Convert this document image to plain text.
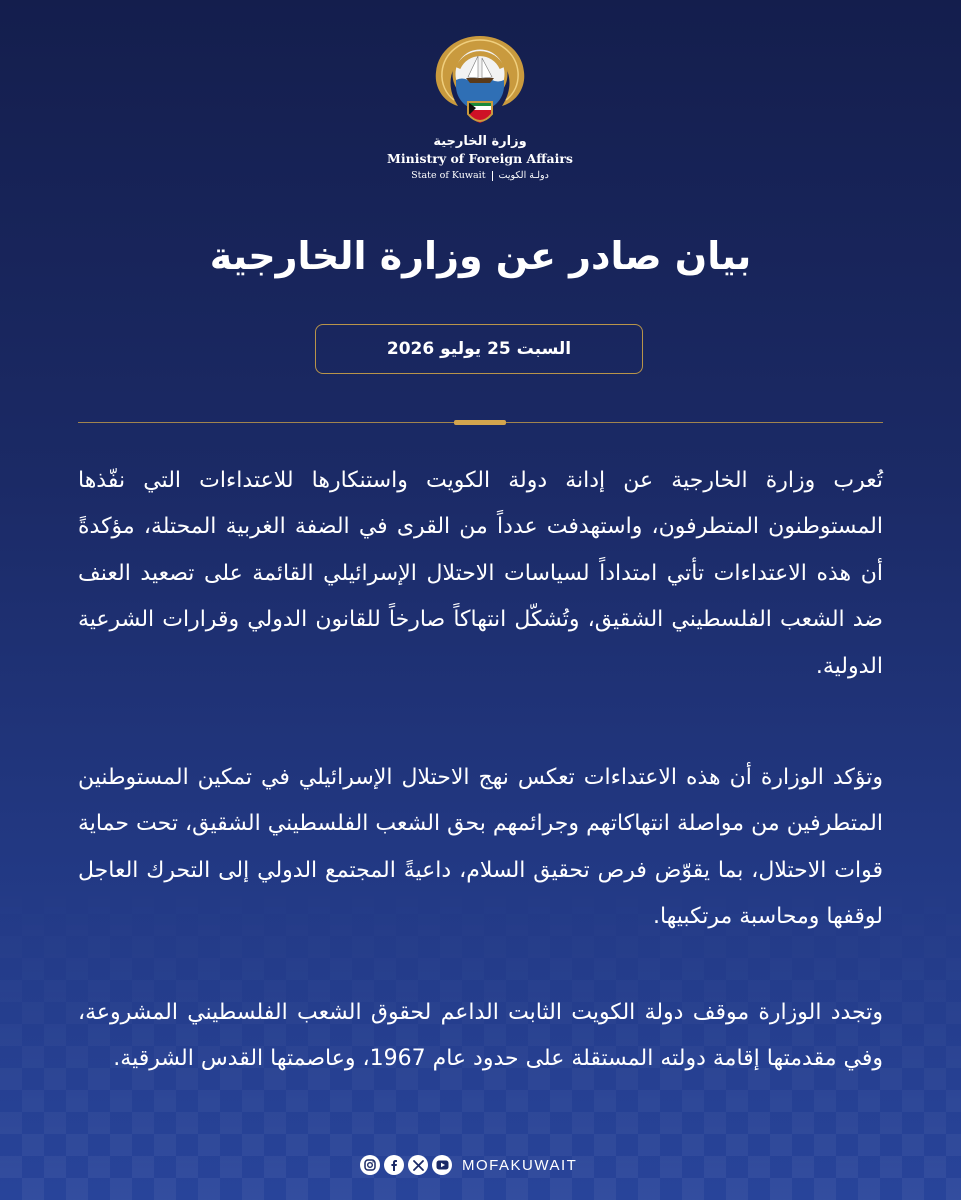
وزارة الخارجية
Ministry of Foreign Affairs
State of Kuwait دولـة الكويت
بيان صادر عن وزارة الخارجية
السبت 25 يوليو 2026

تُعرب وزارة الخارجية عن إدانة دولة الكويت واستنكارها للاعتداءات التي نفّذها المستوطنون المتطرفون، واستهدفت عدداً من القرى في الضفة الغربية المحتلة، مؤكدةً أن هذه الاعتداءات تأتي امتداداً لسياسات الاحتلال الإسرائيلي القائمة على تصعيد العنف ضد الشعب الفلسطيني الشقيق، وتُشكّل انتهاكاً صارخاً للقانون الدولي وقرارات الشرعية الدولية.

وتؤكد الوزارة أن هذه الاعتداءات تعكس نهج الاحتلال الإسرائيلي في تمكين المستوطنين المتطرفين من مواصلة انتهاكاتهم وجرائمهم بحق الشعب الفلسطيني الشقيق، تحت حماية قوات الاحتلال، بما يقوّض فرص تحقيق السلام، داعيةً المجتمع الدولي إلى التحرك العاجل لوقفها ومحاسبة مرتكبيها.

وتجدد الوزارة موقف دولة الكويت الثابت الداعم لحقوق الشعب الفلسطيني المشروعة، وفي مقدمتها إقامة دولته المستقلة على حدود عام 1967، وعاصمتها القدس الشرقية.

MOFAKUWAIT
